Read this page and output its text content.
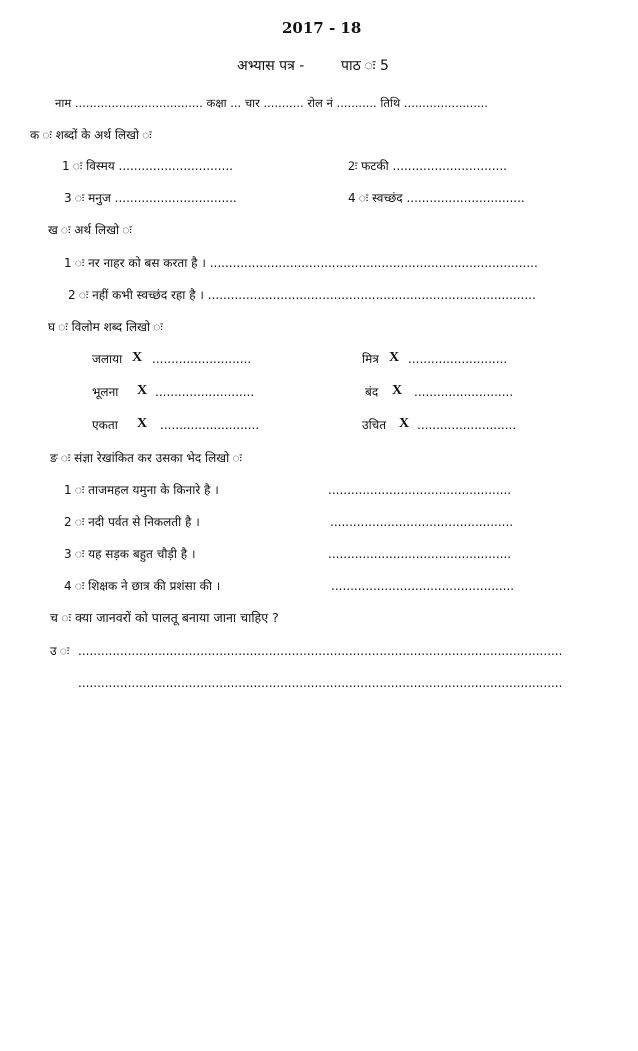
2017 - 18
अभ्यास पत्र -	पाठ ः 5
नाम ................................... कक्षा ... चार ........... रोल नं ........... तिथि .......................
क ः शब्दों के अर्थ लिखो ः
1 ः विस्मय ..............................	2ः फटकी ..............................
3 ः मनुज ................................	4 ः स्वच्छंद ...............................
ख ः अर्थ लिखो ः
1 ः नर नाहर को बस करता है । ......................................................................................
2 ः नहीं कभी स्वच्छंद रहा है । ......................................................................................
घ ः विलोम शब्द लिखो ः
जलाया X ..........................	मित्र X ..........................
भूलना X ..........................	बंद X ..........................
एकता X ..........................	उचित X ..........................
ङ ः संज्ञा रेखांकित कर उसका भेद लिखो ः
1 ः ताजमहल यमुना के किनारे है ।	................................................
2 ः नदी पर्वत से निकलती है ।	................................................
3 ः यह सड़क बहुत चौड़ी है ।	................................................
4 ः शिक्षक ने छात्र की प्रशंसा की ।	................................................
च ः क्या जानवरों को पालतू बनाया जाना चाहिए ?
उ ः ...............................................................................................................................
...............................................................................................................................
